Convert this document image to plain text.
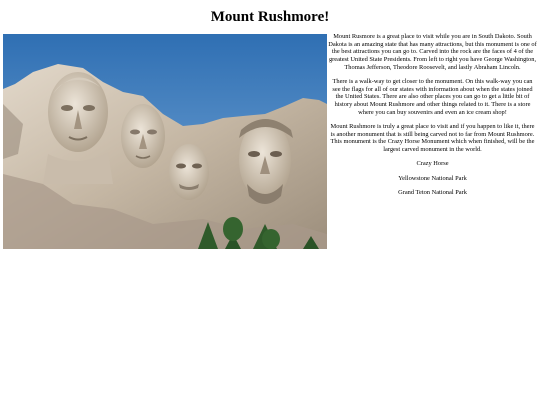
Mount Rushmore!

Mount Rusmore is a great place to visit while you are in South Dakoto. South Dakota is an amazing state that has many attractions, but this monument is one of the best attractions you can go to. Carved into the rock are the faces of 4 of the greatest United State Presidents. From left to right you have George Washington, Thomas Jefferson, Theodore Roosevelt, and lastly Abraham Lincoln.

There is a walk-way to get closer to the monument. On this walk-way you can see the flags for all of our states with information about when the states joined the United States. There are also other places you can go to get a little bit of history about Mount Rushmore and other things related to it. There is a store where you can buy souvenirs and even an ice cream shop!

Mount Rushmore is truly a great place to visit and if you happen to like it, there is another monument that is still being carved not to far from Mount Rushmore. This monument is the Crazy Horse Monument which when finished, will be the largest carved monument in the world.

Crazy Horse

Yellowstone National Park

Grand Teton National Park
